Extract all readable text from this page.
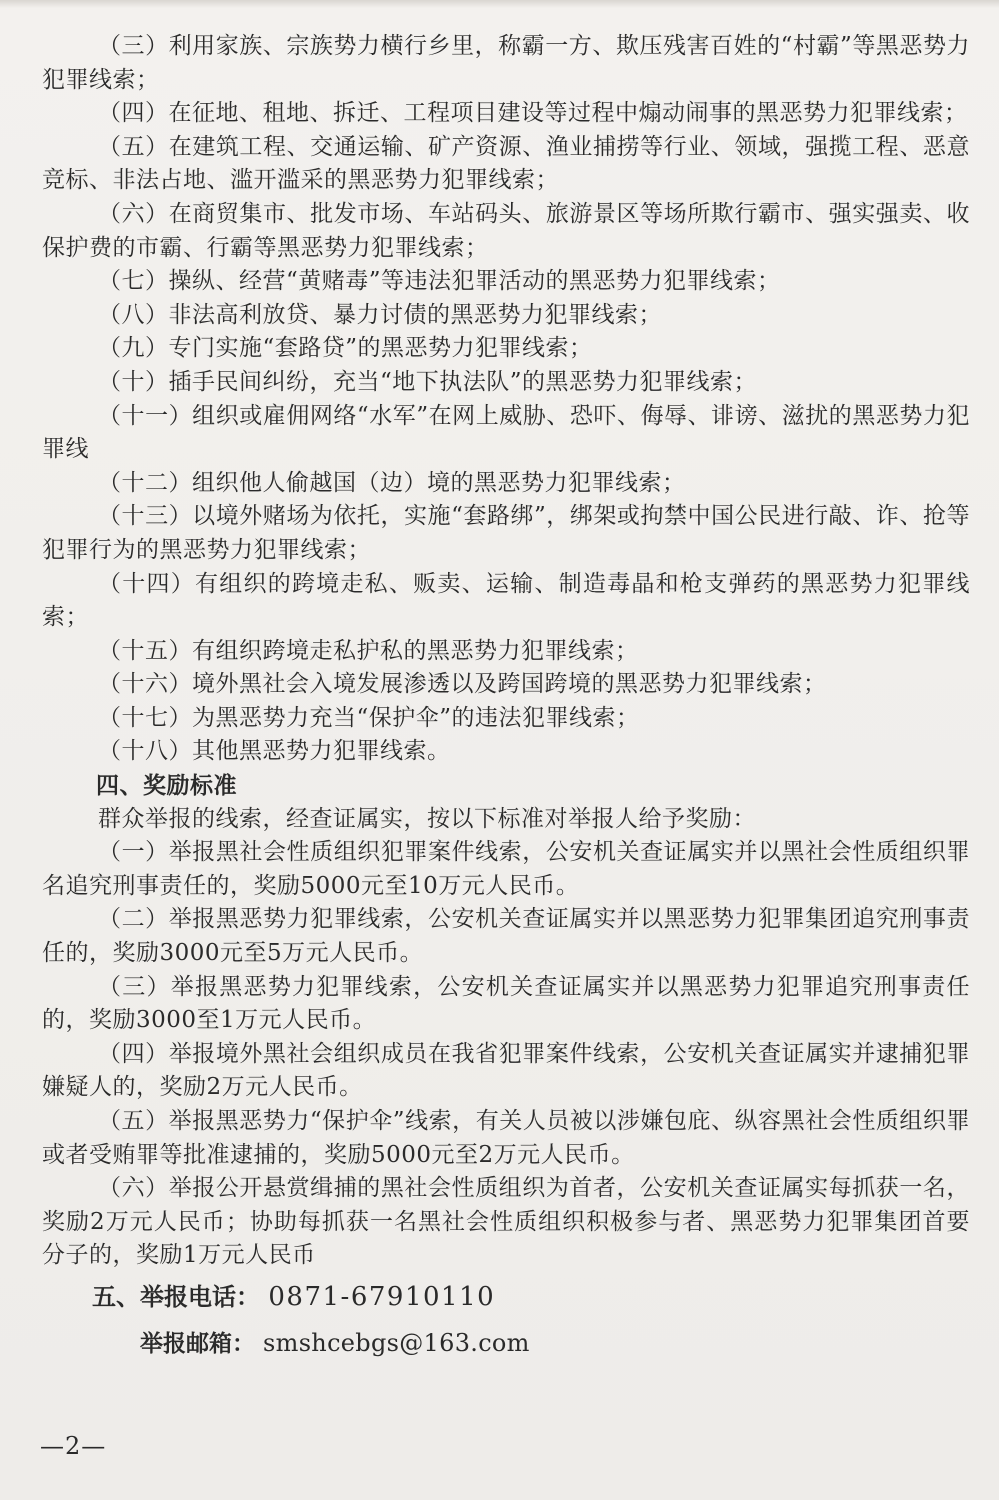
（三）利用家族、宗族势力横行乡里，称霸一方、欺压残害百姓的“村霸”等黑恶势力犯罪线索；

（四）在征地、租地、拆迁、工程项目建设等过程中煽动闹事的黑恶势力犯罪线索；

（五）在建筑工程、交通运输、矿产资源、渔业捕捞等行业、领域，强揽工程、恶意竞标、非法占地、滥开滥采的黑恶势力犯罪线索；

（六）在商贸集市、批发市场、车站码头、旅游景区等场所欺行霸市、强实强卖、收保护费的市霸、行霸等黑恶势力犯罪线索；

（七）操纵、经营“黄赌毒”等违法犯罪活动的黑恶势力犯罪线索；

（八）非法高利放贷、暴力讨债的黑恶势力犯罪线索；

（九）专门实施“套路贷”的黑恶势力犯罪线索；

（十）插手民间纠纷，充当“地下执法队”的黑恶势力犯罪线索；

（十一）组织或雇佣网络“水军”在网上威胁、恐吓、侮辱、诽谤、滋扰的黑恶势力犯罪线

（十二）组织他人偷越国（边）境的黑恶势力犯罪线索；

（十三）以境外赌场为依托，实施“套路绑”，绑架或拘禁中国公民进行敲、诈、抢等犯罪行为的黑恶势力犯罪线索；

（十四）有组织的跨境走私、贩卖、运输、制造毒晶和枪支弹药的黑恶势力犯罪线索；

（十五）有组织跨境走私护私的黑恶势力犯罪线索；

（十六）境外黑社会入境发展渗透以及跨国跨境的黑恶势力犯罪线索；

（十七）为黑恶势力充当“保护伞”的违法犯罪线索；

（十八）其他黑恶势力犯罪线索。

四、奖励标准

群众举报的线索，经查证属实，按以下标准对举报人给予奖励：

（一）举报黑社会性质组织犯罪案件线索，公安机关查证属实并以黑社会性质组织罪名追究刑事责任的，奖励5000元至10万元人民币。

（二）举报黑恶势力犯罪线索，公安机关查证属实并以黑恶势力犯罪集团追究刑事责任的，奖励3000元至5万元人民币。

（三）举报黑恶势力犯罪线索，公安机关查证属实并以黑恶势力犯罪追究刑事责任的，奖励3000至1万元人民币。

（四）举报境外黑社会组织成员在我省犯罪案件线索，公安机关查证属实并逮捕犯罪嫌疑人的，奖励2万元人民币。

（五）举报黑恶势力“保护伞”线索，有关人员被以涉嫌包庇、纵容黑社会性质组织罪或者受贿罪等批准逮捕的，奖励5000元至2万元人民币。

（六）举报公开悬赏缉捕的黑社会性质组织为首者，公安机关查证属实每抓获一名，奖励2万元人民币；协助每抓获一名黑社会性质组织积极参与者、黑恶势力犯罪集团首要分子的，奖励1万元人民币

五、举报电话： 0871-67910110
举报邮箱： smshcebgs@163.com
—2—
